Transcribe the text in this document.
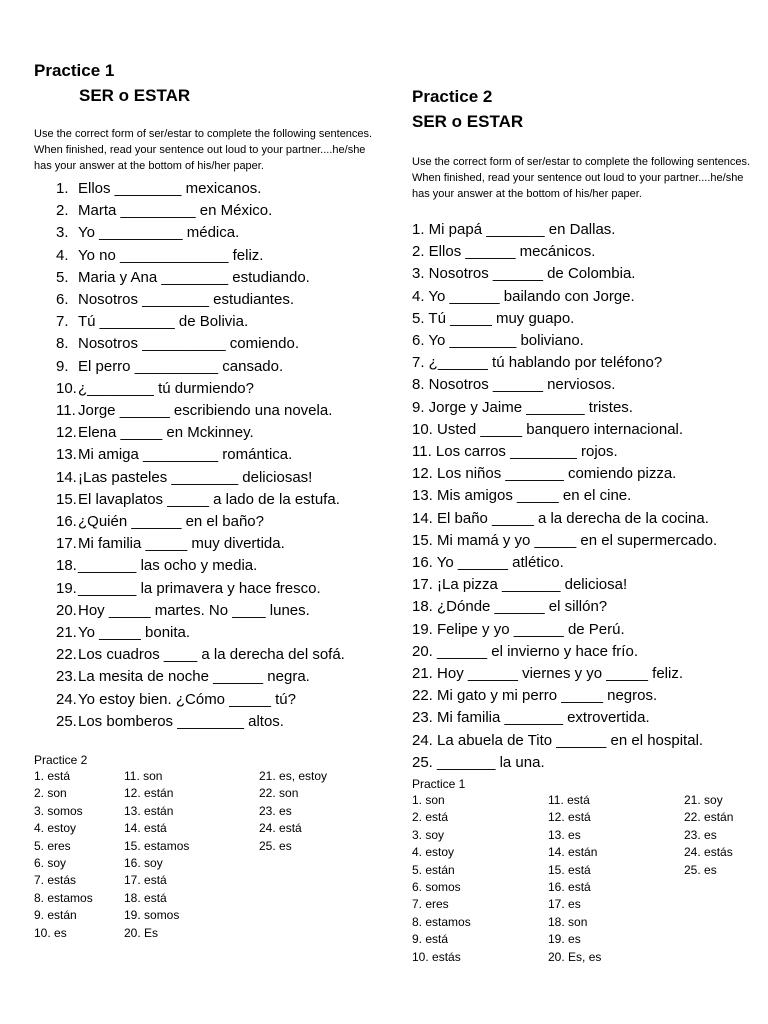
Practice 1
SER o ESTAR

Use the correct form of ser/estar to complete the following sentences. When finished, read your sentence out loud to your partner....he/she has your answer at the bottom of his/her paper.

1. Ellos ________ mexicanos.
2. Marta _________ en México.
3. Yo __________ médica.
4. Yo no _____________ feliz.
5. Maria y Ana ________ estudiando.
6. Nosotros ________ estudiantes.
7. Tú _________ de Bolivia.
8. Nosotros __________ comiendo.
9. El perro __________ cansado.
10.¿________ tú durmiendo?
11. Jorge ______ escribiendo una novela.
12.Elena _____ en Mckinney.
13.Mi amiga _________ romántica.
14.¡Las pasteles ________ deliciosas!
15.El lavaplatos _____ a lado de la estufa.
16.¿Quién ______ en el baño?
17.Mi familia _____ muy divertida.
18._______ las ocho y media.
19._______ la primavera y hace fresco.
20.Hoy _____ martes. No ____ lunes.
21.Yo _____ bonita.
22.Los cuadros ____ a la derecha del sofá.
23.La mesita de noche ______ negra.
24.Yo estoy bien. ¿Cómo _____ tú?
25.Los bomberos ________ altos.
Practice 2
1. está
2. son
3. somos
4. estoy
5. eres
6. soy
7. estás
8. estamos
9. están
10. es
11. son
12. están
13. están
14. está
15. estamos
16. soy
17. está
18. está
19. somos
20. Es
21. es, estoy
22. son
23. es
24. está
25. es
Practice 2
SER o ESTAR

Use the correct form of ser/estar to complete the following sentences. When finished, read your sentence out loud to your partner....he/she has your answer at the bottom of his/her paper.

1. Mi papá _______ en Dallas.
2. Ellos ______ mecánicos.
3. Nosotros ______ de Colombia.
4. Yo ______ bailando con Jorge.
5. Tú _____ muy guapo.
6. Yo ________ boliviano.
7. ¿______ tú hablando por teléfono?
8. Nosotros ______ nerviosos.
9. Jorge y Jaime _______ tristes.
10. Usted _____ banquero internacional.
11. Los carros ________ rojos.
12. Los niños _______ comiendo pizza.
13. Mis amigos _____ en el cine.
14. El baño _____ a la derecha de la cocina.
15. Mi mamá y yo _____ en el supermercado.
16. Yo ______ atlético.
17. ¡La pizza _______ deliciosa!
18. ¿Dónde ______ el sillón?
19. Felipe y yo ______ de Perú.
20. ______ el invierno y hace frío.
21. Hoy ______ viernes y yo _____ feliz.
22. Mi gato y mi perro _____ negros.
23. Mi familia _______ extrovertida.
24. La abuela de Tito ______ en el hospital.
25. _______ la una.
Practice 1
1. son
2. está
3. soy
4. estoy
5. están
6. somos
7. eres
8. estamos
9. está
10. estás
11. está
12. está
13. es
14. están
15. está
16. está
17. es
18. son
19. es
20. Es, es
21. soy
22. están
23. es
24. estás
25. es
